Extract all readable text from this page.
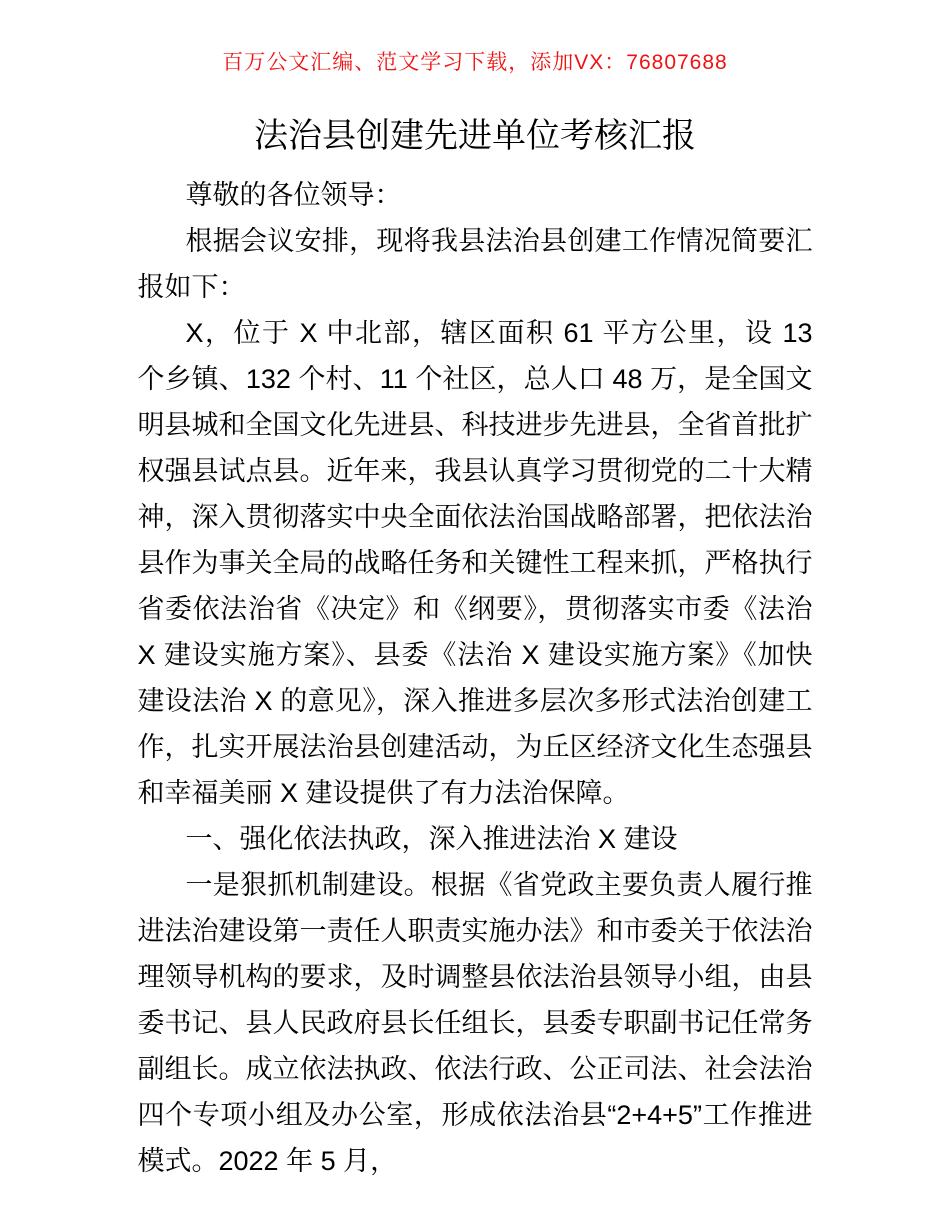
百万公文汇编、范文学习下载，添加VX：76807688
法治县创建先进单位考核汇报

尊敬的各位领导：

根据会议安排，现将我县法治县创建工作情况简要汇报如下：

X，位于 X 中北部，辖区面积 61 平方公里，设 13 个乡镇、132 个村、11 个社区，总人口 48 万，是全国文明县城和全国文化先进县、科技进步先进县，全省首批扩权强县试点县。近年来，我县认真学习贯彻党的二十大精神，深入贯彻落实中央全面依法治国战略部署，把依法治县作为事关全局的战略任务和关键性工程来抓，严格执行省委依法治省《决定》和《纲要》，贯彻落实市委《法治 X 建设实施方案》、县委《法治 X 建设实施方案》《加快建设法治 X 的意见》，深入推进多层次多形式法治创建工作，扎实开展法治县创建活动，为丘区经济文化生态强县和幸福美丽 X 建设提供了有力法治保障。

一、强化依法执政，深入推进法治 X 建设

一是狠抓机制建设。根据《省党政主要负责人履行推进法治建设第一责任人职责实施办法》和市委关于依法治理领导机构的要求，及时调整县依法治县领导小组，由县委书记、县人民政府县长任组长，县委专职副书记任常务副组长。成立依法执政、依法行政、公正司法、社会法治四个专项小组及办公室，形成依法治县“2+4+5”工作推进模式。2022 年 5 月，
